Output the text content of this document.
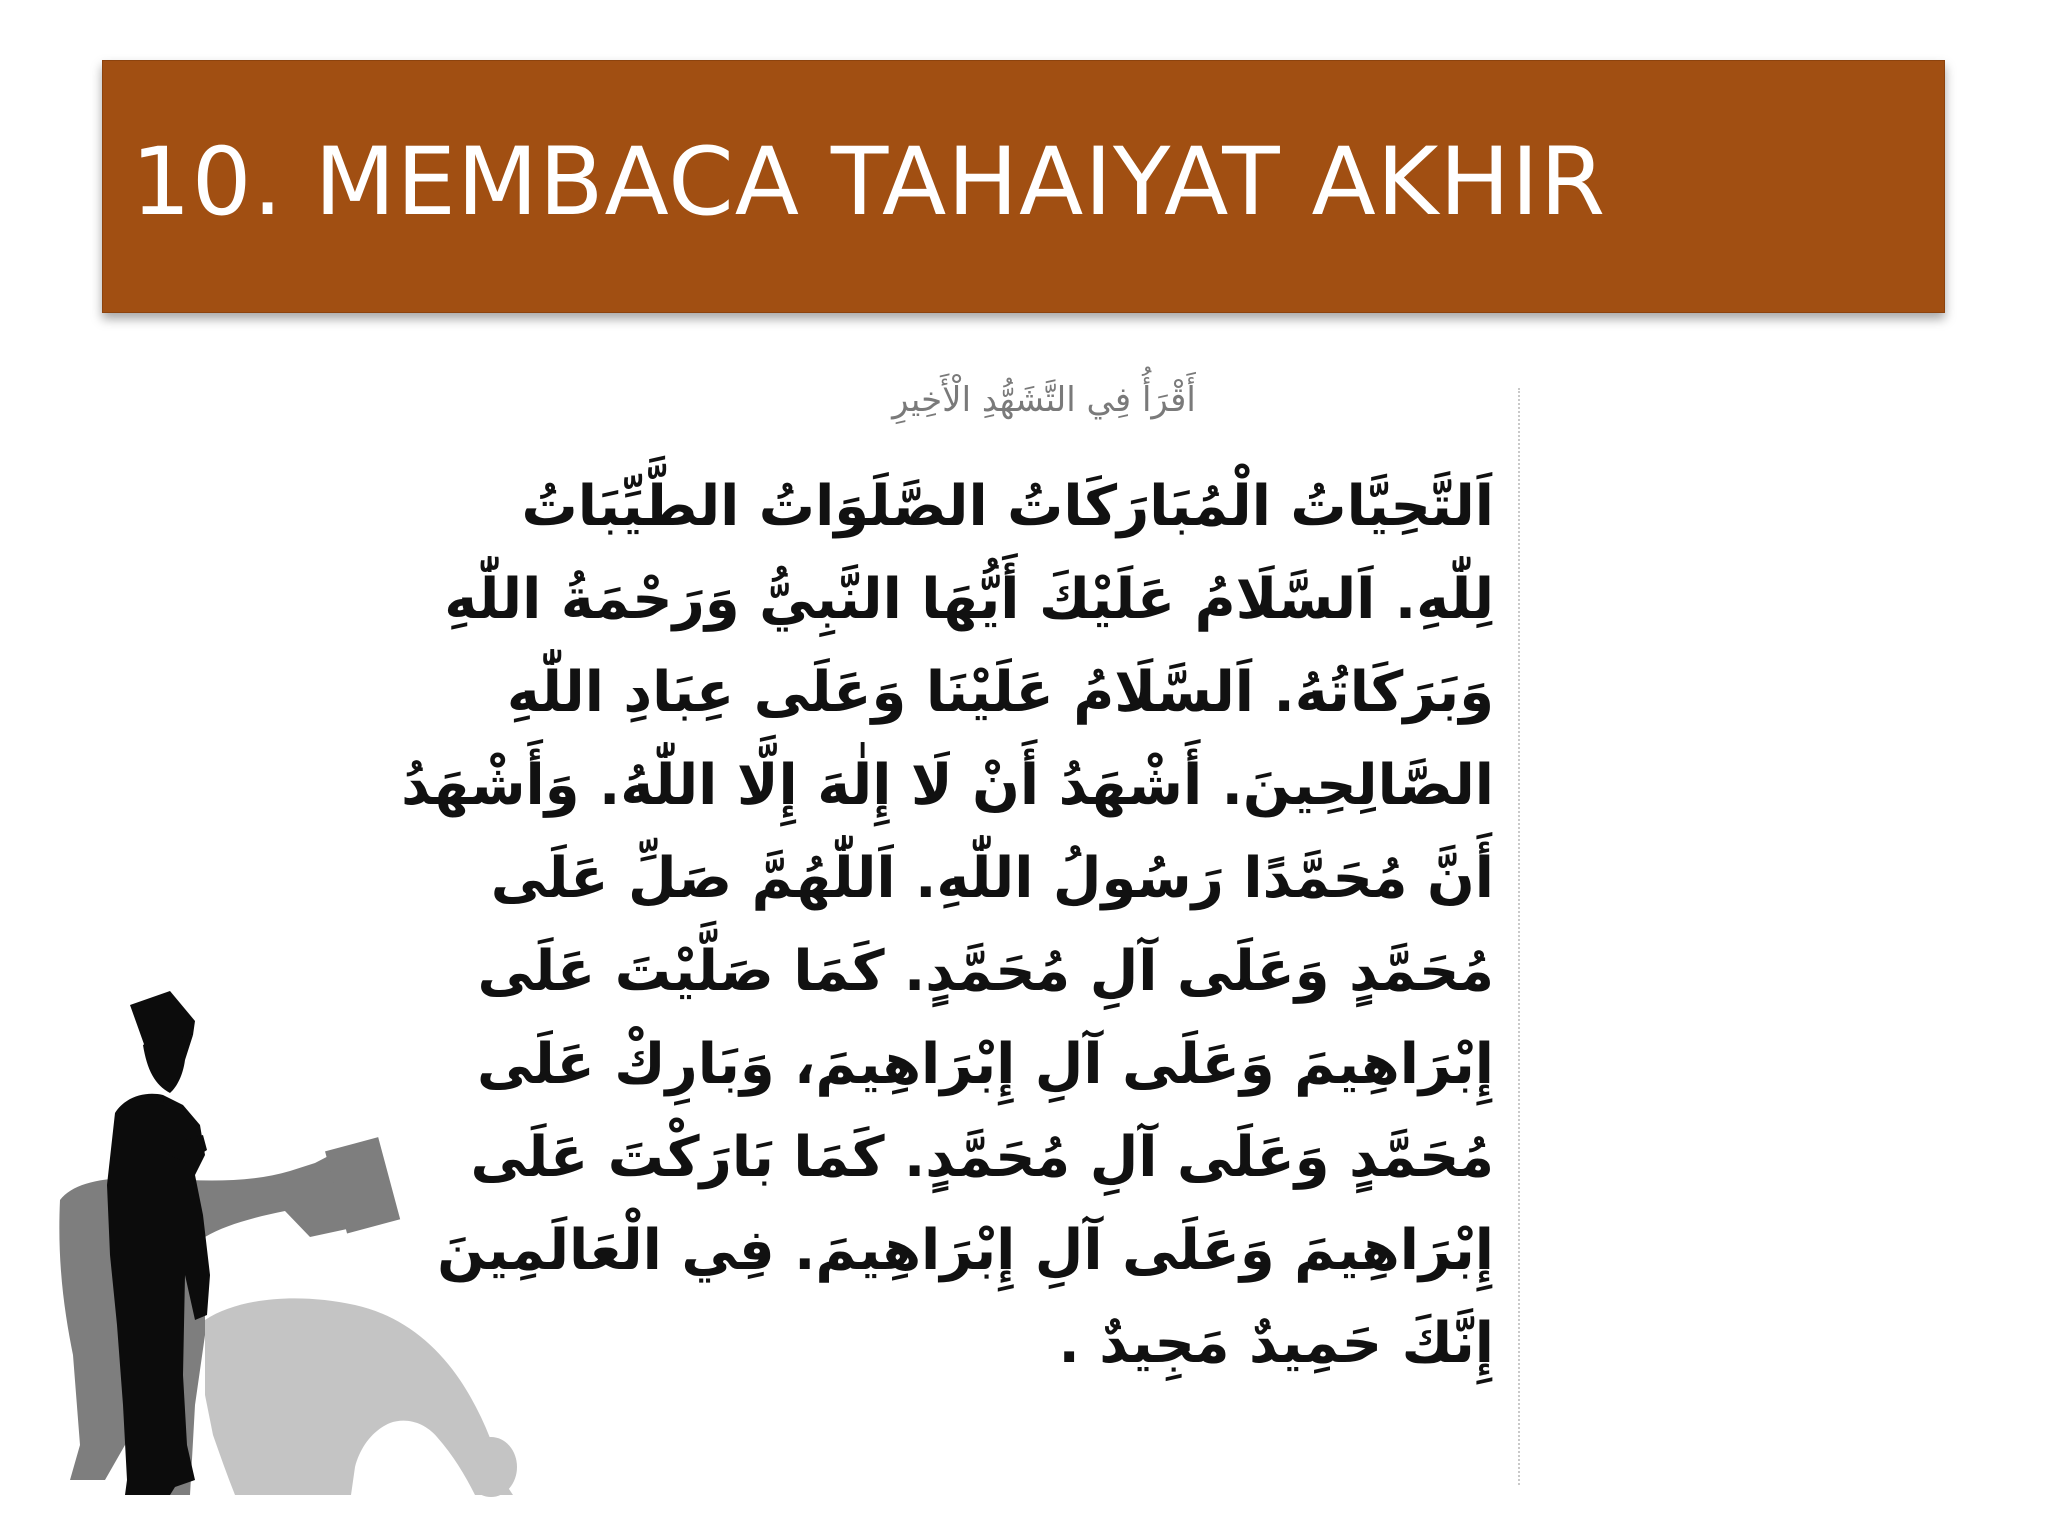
10. MEMBACA TAHAIYAT AKHIR
أَقْرَأُ فِي التَّشَهُّدِ الْأَخِيرِ
اَلتَّحِيَّاتُ الْمُبَارَكَاتُ الصَّلَوَاتُ الطَّيِّبَاتُ
لِلّٰهِ. اَلسَّلَامُ عَلَيْكَ أَيُّهَا النَّبِيُّ وَرَحْمَةُ اللّٰهِ
وَبَرَكَاتُهُ. اَلسَّلَامُ عَلَيْنَا وَعَلَى عِبَادِ اللّٰهِ
الصَّالِحِينَ. أَشْهَدُ أَنْ لَا إِلٰهَ إِلَّا اللّٰهُ. وَأَشْهَدُ
أَنَّ مُحَمَّدًا رَسُولُ اللّٰهِ. اَللّٰهُمَّ صَلِّ عَلَى
مُحَمَّدٍ وَعَلَى آلِ مُحَمَّدٍ. كَمَا صَلَّيْتَ عَلَى
إِبْرَاهِيمَ وَعَلَى آلِ إِبْرَاهِيمَ، وَبَارِكْ عَلَى
مُحَمَّدٍ وَعَلَى آلِ مُحَمَّدٍ. كَمَا بَارَكْتَ عَلَى
إِبْرَاهِيمَ وَعَلَى آلِ إِبْرَاهِيمَ. فِي الْعَالَمِينَ
إِنَّكَ حَمِيدٌ مَجِيدٌ .
